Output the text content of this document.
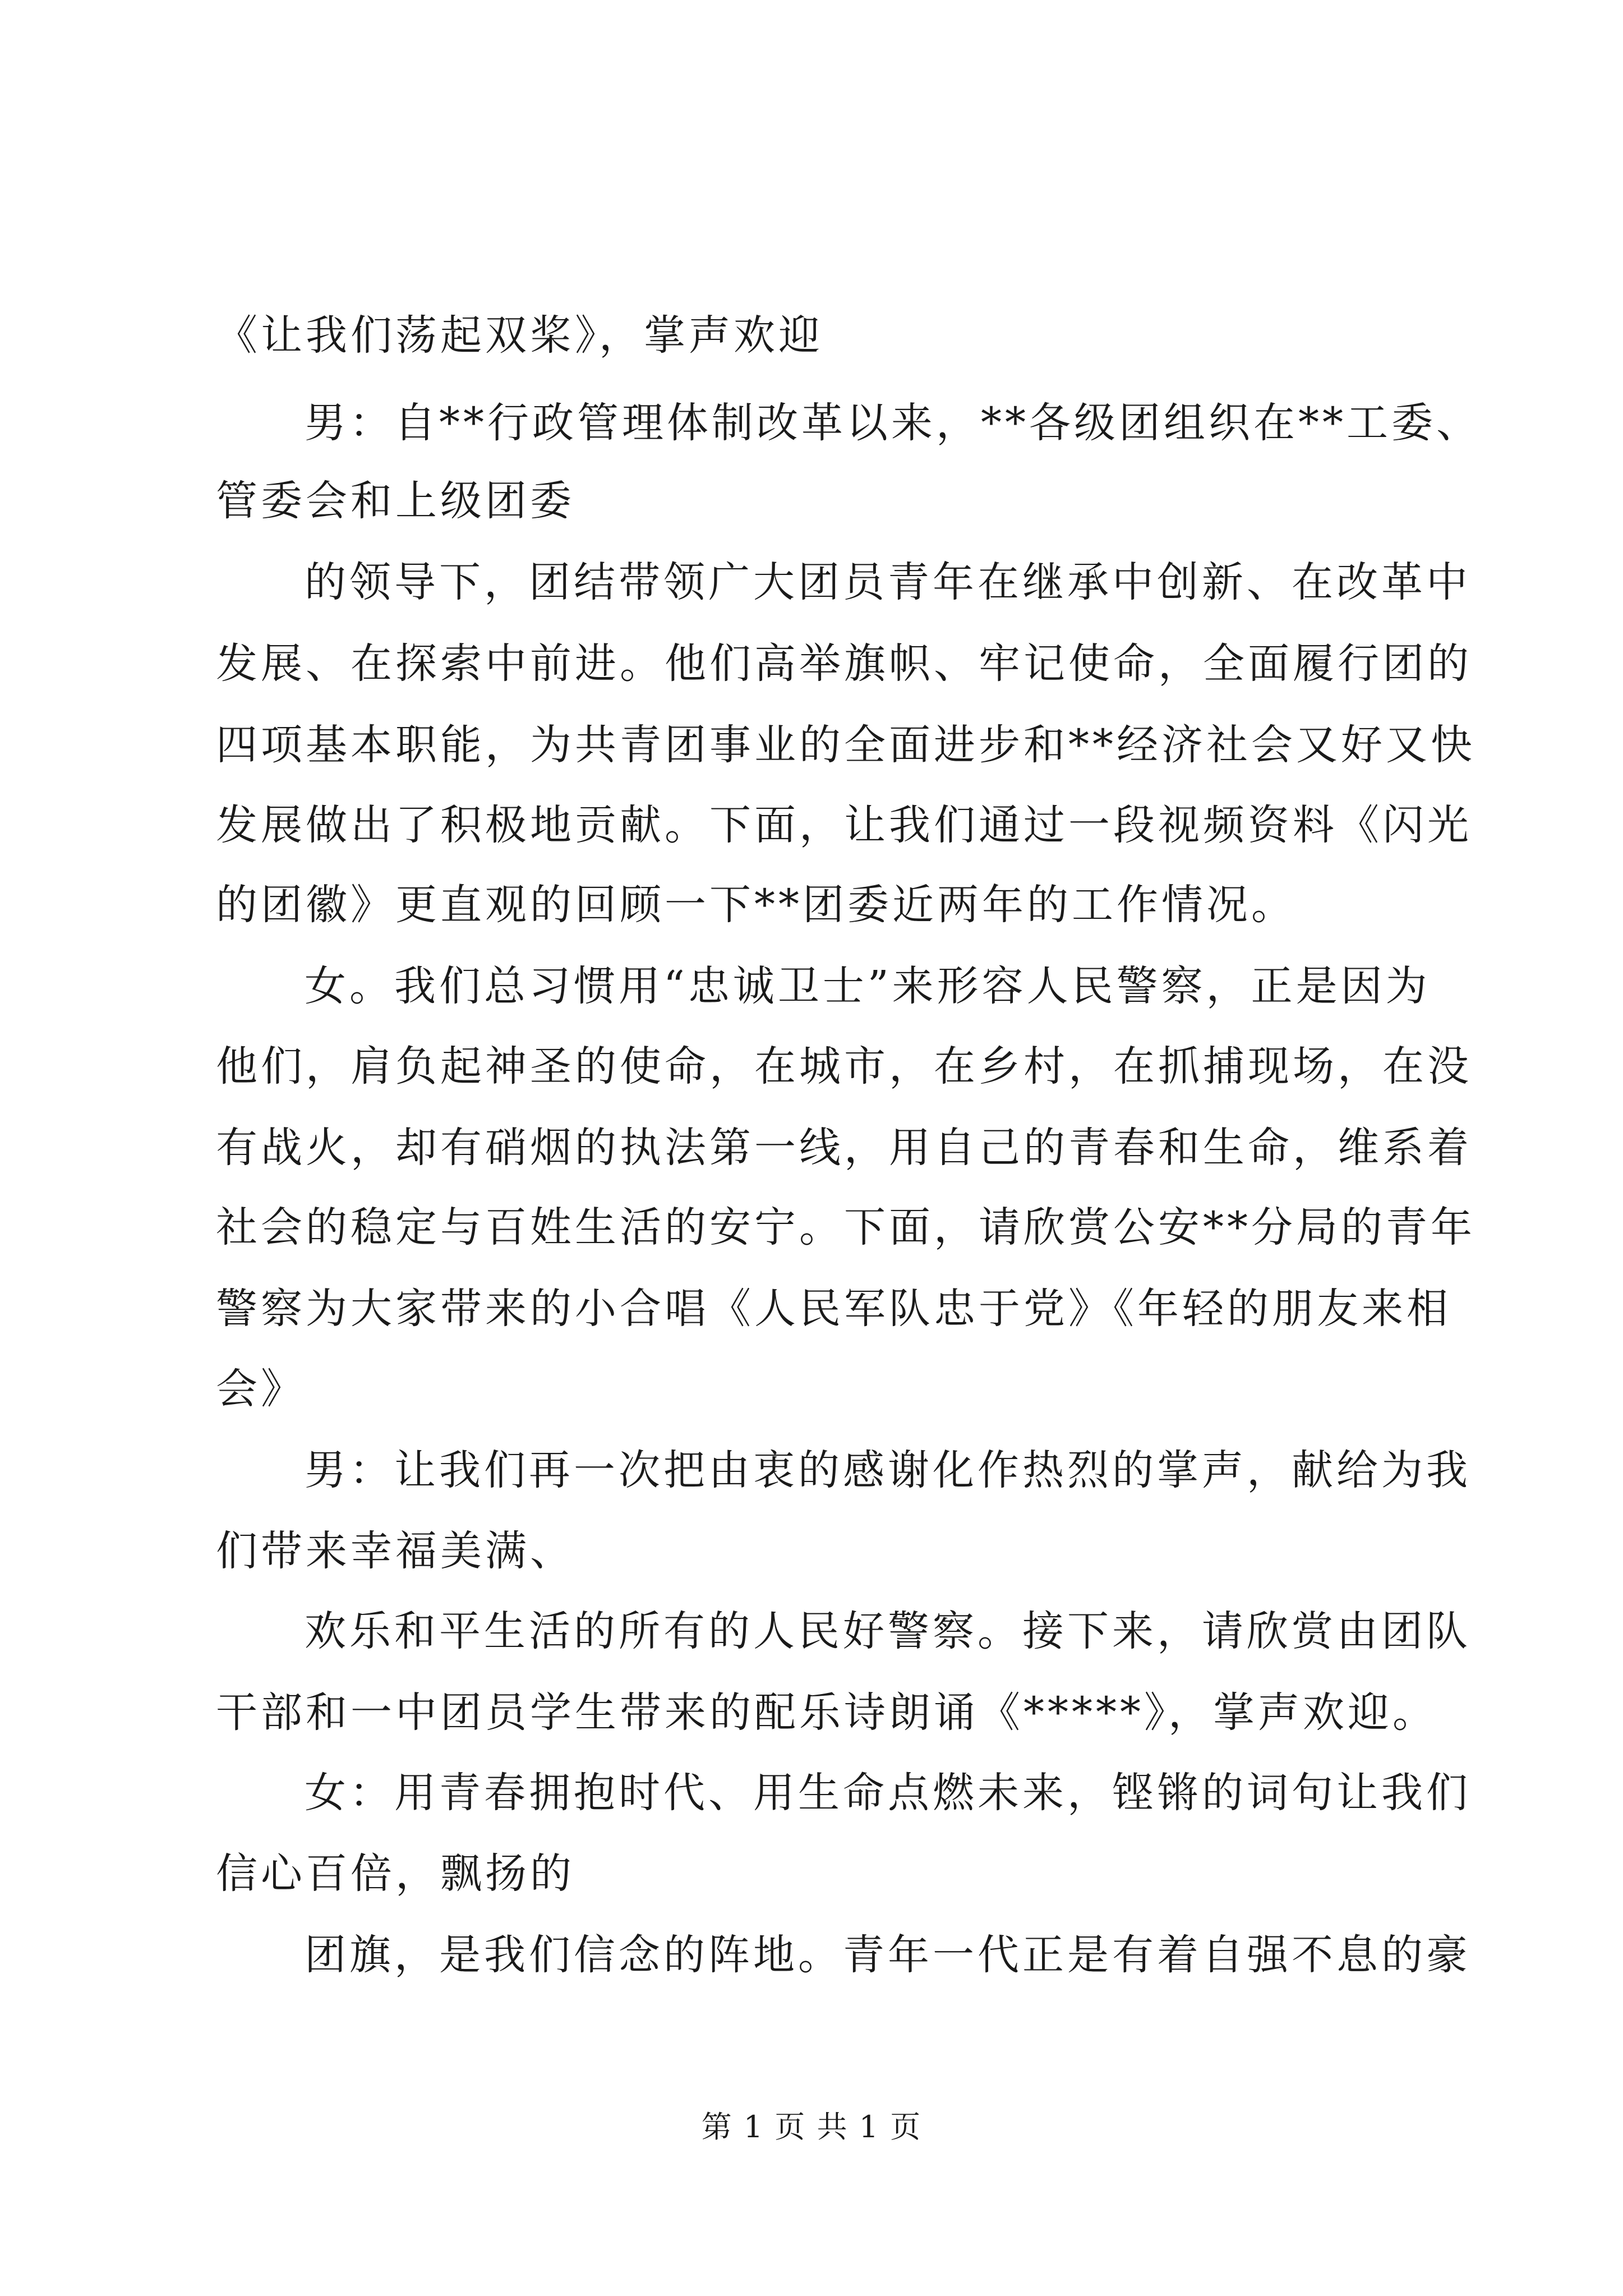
《让我们荡起双桨》，掌声欢迎
男：自**行政管理体制改革以来，**各级团组织在**工委、
管委会和上级团委
的领导下，团结带领广大团员青年在继承中创新、在改革中
发展、在探索中前进。他们高举旗帜、牢记使命，全面履行团的
四项基本职能，为共青团事业的全面进步和**经济社会又好又快
发展做出了积极地贡献。下面，让我们通过一段视频资料《闪光
的团徽》更直观的回顾一下**团委近两年的工作情况。
女。我们总习惯用“忠诚卫士”来形容人民警察，正是因为
他们，肩负起神圣的使命，在城市，在乡村，在抓捕现场，在没
有战火，却有硝烟的执法第一线，用自己的青春和生命，维系着
社会的稳定与百姓生活的安宁。下面，请欣赏公安**分局的青年
警察为大家带来的小合唱《人民军队忠于党》《年轻的朋友来相
会》
男：让我们再一次把由衷的感谢化作热烈的掌声，献给为我
们带来幸福美满、
欢乐和平生活的所有的人民好警察。接下来，请欣赏由团队
干部和一中团员学生带来的配乐诗朗诵《*****》，掌声欢迎。
女：用青春拥抱时代、用生命点燃未来，铿锵的词句让我们
信心百倍，飘扬的
团旗，是我们信念的阵地。青年一代正是有着自强不息的豪
第 1 页 共 1 页
